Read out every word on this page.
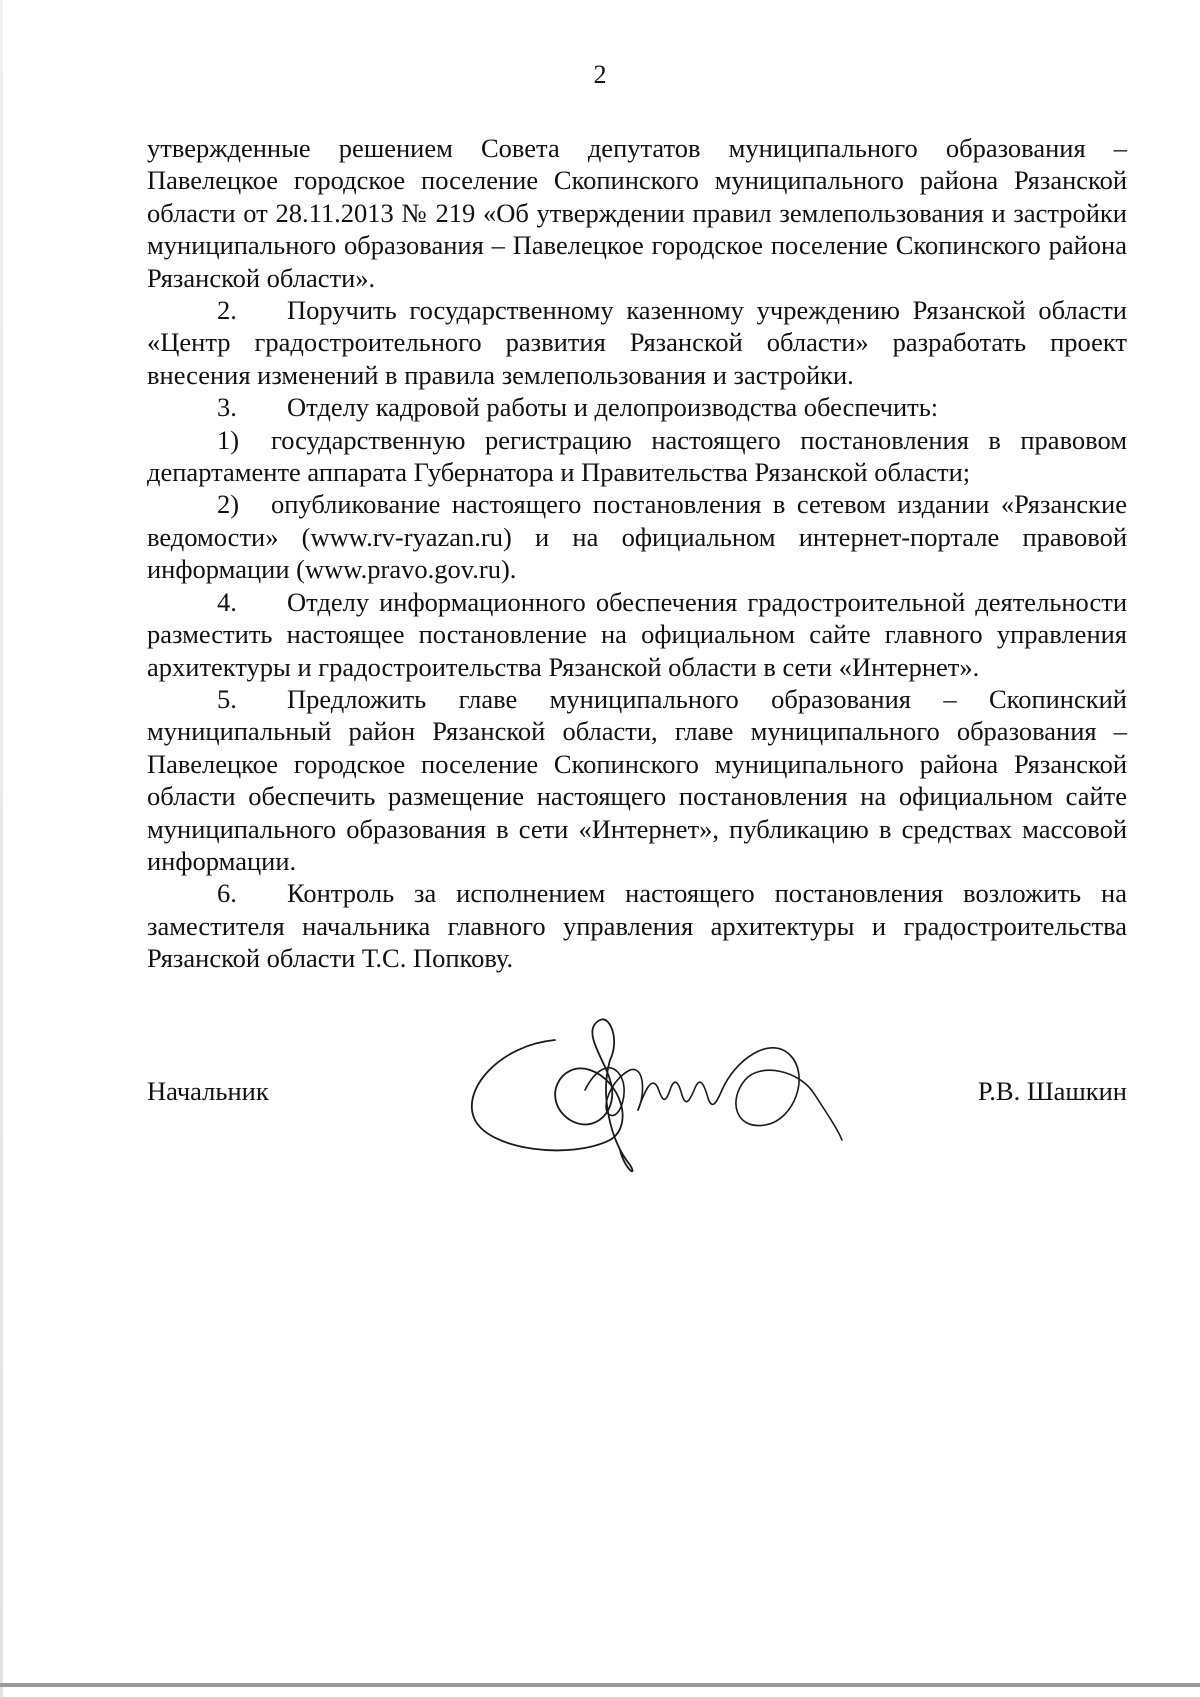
2

утвержденные решением Совета депутатов муниципального образования – Павелецкое городское поселение Скопинского муниципального района Рязанской области от 28.11.2013 № 219 «Об утверждении правил землепользования и застройки муниципального образования – Павелецкое городское поселение Скопинского района Рязанской области».

2. Поручить государственному казенному учреждению Рязанской области «Центр градостроительного развития Рязанской области» разработать проект внесения изменений в правила землепользования и застройки.

3. Отделу кадровой работы и делопроизводства обеспечить:

1) государственную регистрацию настоящего постановления в правовом департаменте аппарата Губернатора и Правительства Рязанской области;

2) опубликование настоящего постановления в сетевом издании «Рязанские ведомости» (www.rv-ryazan.ru) и на официальном интернет-портале правовой информации (www.pravo.gov.ru).

4. Отделу информационного обеспечения градостроительной деятельности разместить настоящее постановление на официальном сайте главного управления архитектуры и градостроительства Рязанской области в сети «Интернет».

5. Предложить главе муниципального образования – Скопинский муниципальный район Рязанской области, главе муниципального образования – Павелецкое городское поселение Скопинского муниципального района Рязанской области обеспечить размещение настоящего постановления на официальном сайте муниципального образования в сети «Интернет», публикацию в средствах массовой информации.

6. Контроль за исполнением настоящего постановления возложить на заместителя начальника главного управления архитектуры и градостроительства Рязанской области Т.С. Попкову.

Начальник	Р.В. Шашкин
